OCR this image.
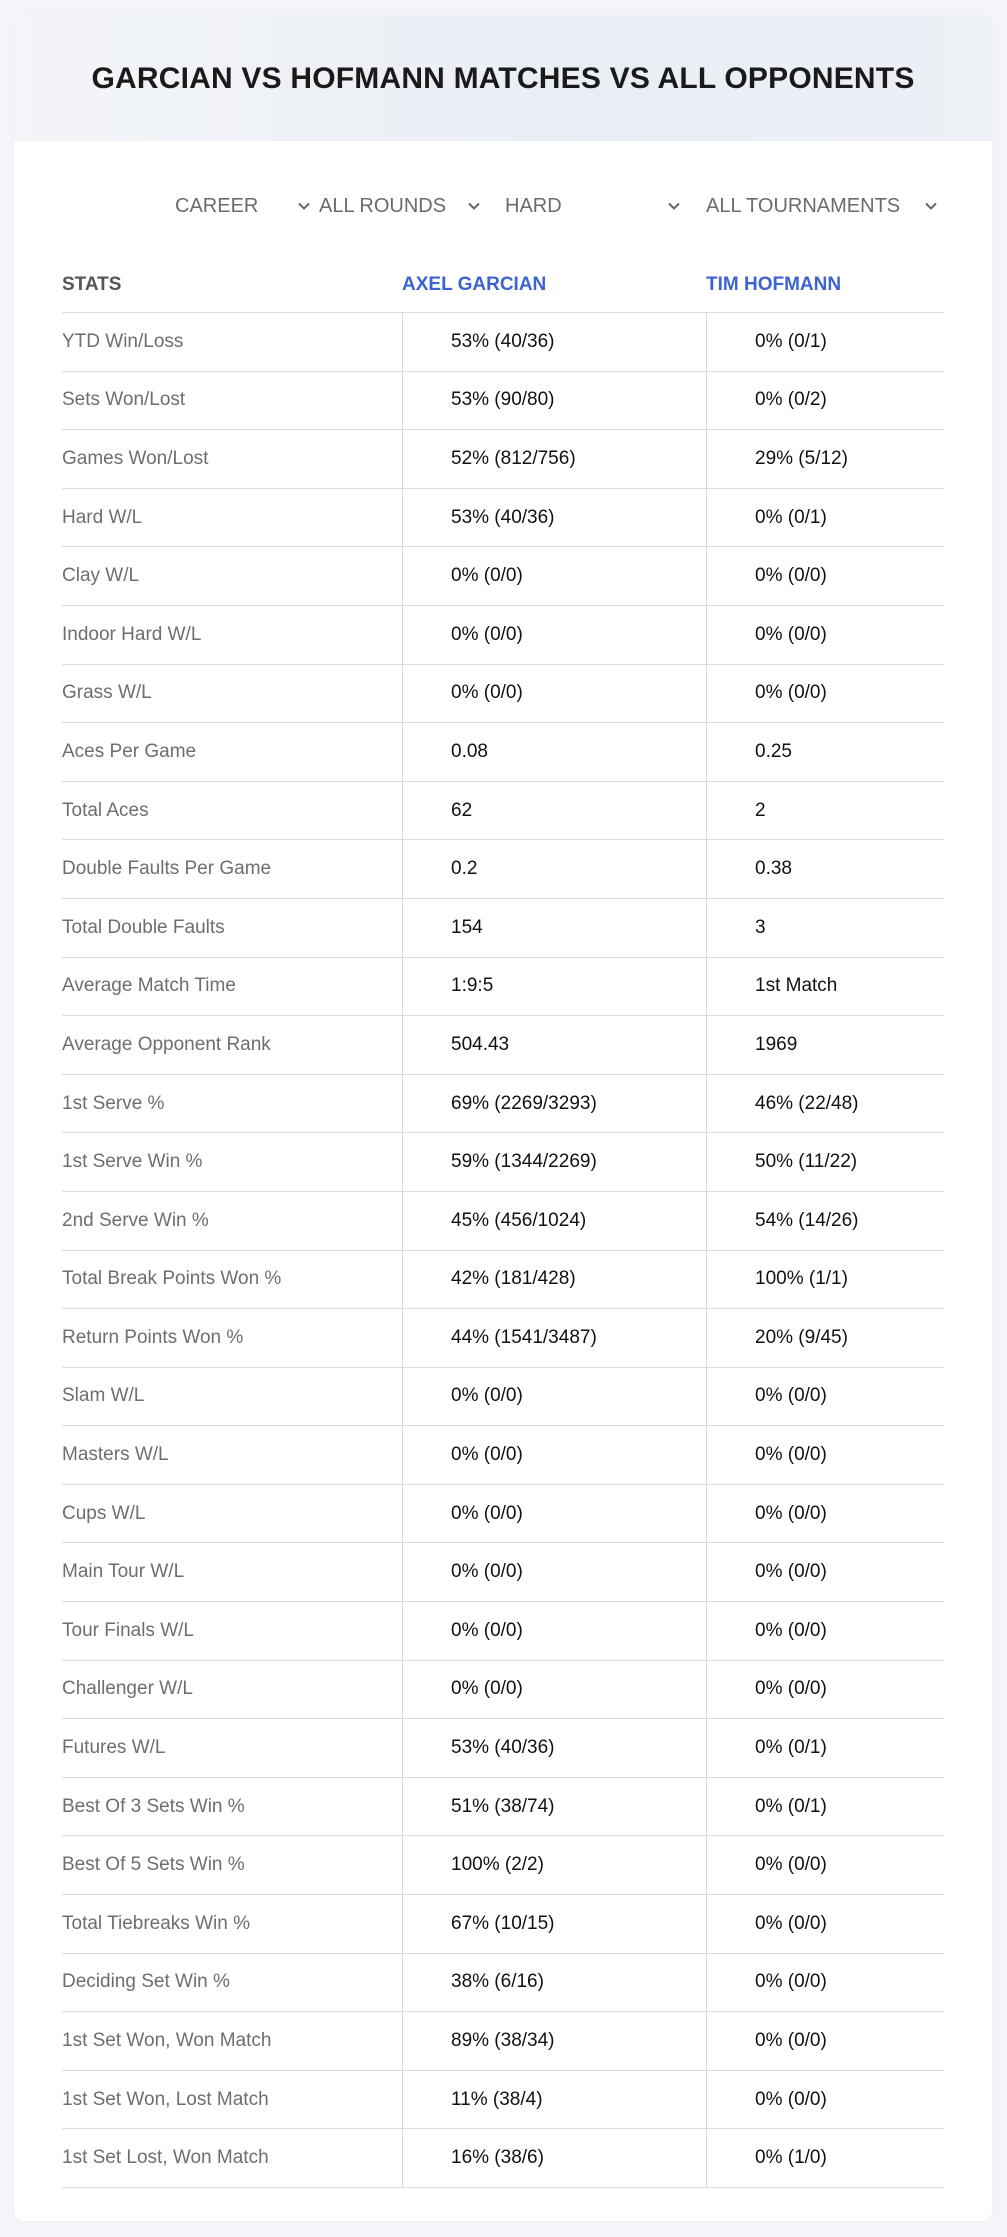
GARCIAN VS HOFMANN MATCHES VS ALL OPPONENTS
CAREER	ALL ROUNDS	HARD	ALL TOURNAMENTS
STATS	AXEL GARCIAN	TIM HOFMANN
YTD Win/Loss	53% (40/36)	0% (0/1)
Sets Won/Lost	53% (90/80)	0% (0/2)
Games Won/Lost	52% (812/756)	29% (5/12)
Hard W/L	53% (40/36)	0% (0/1)
Clay W/L	0% (0/0)	0% (0/0)
Indoor Hard W/L	0% (0/0)	0% (0/0)
Grass W/L	0% (0/0)	0% (0/0)
Aces Per Game	0.08	0.25
Total Aces	62	2
Double Faults Per Game	0.2	0.38
Total Double Faults	154	3
Average Match Time	1:9:5	1st Match
Average Opponent Rank	504.43	1969
1st Serve %	69% (2269/3293)	46% (22/48)
1st Serve Win %	59% (1344/2269)	50% (11/22)
2nd Serve Win %	45% (456/1024)	54% (14/26)
Total Break Points Won %	42% (181/428)	100% (1/1)
Return Points Won %	44% (1541/3487)	20% (9/45)
Slam W/L	0% (0/0)	0% (0/0)
Masters W/L	0% (0/0)	0% (0/0)
Cups W/L	0% (0/0)	0% (0/0)
Main Tour W/L	0% (0/0)	0% (0/0)
Tour Finals W/L	0% (0/0)	0% (0/0)
Challenger W/L	0% (0/0)	0% (0/0)
Futures W/L	53% (40/36)	0% (0/1)
Best Of 3 Sets Win %	51% (38/74)	0% (0/1)
Best Of 5 Sets Win %	100% (2/2)	0% (0/0)
Total Tiebreaks Win %	67% (10/15)	0% (0/0)
Deciding Set Win %	38% (6/16)	0% (0/0)
1st Set Won, Won Match	89% (38/34)	0% (0/0)
1st Set Won, Lost Match	11% (38/4)	0% (0/0)
1st Set Lost, Won Match	16% (38/6)	0% (1/0)
